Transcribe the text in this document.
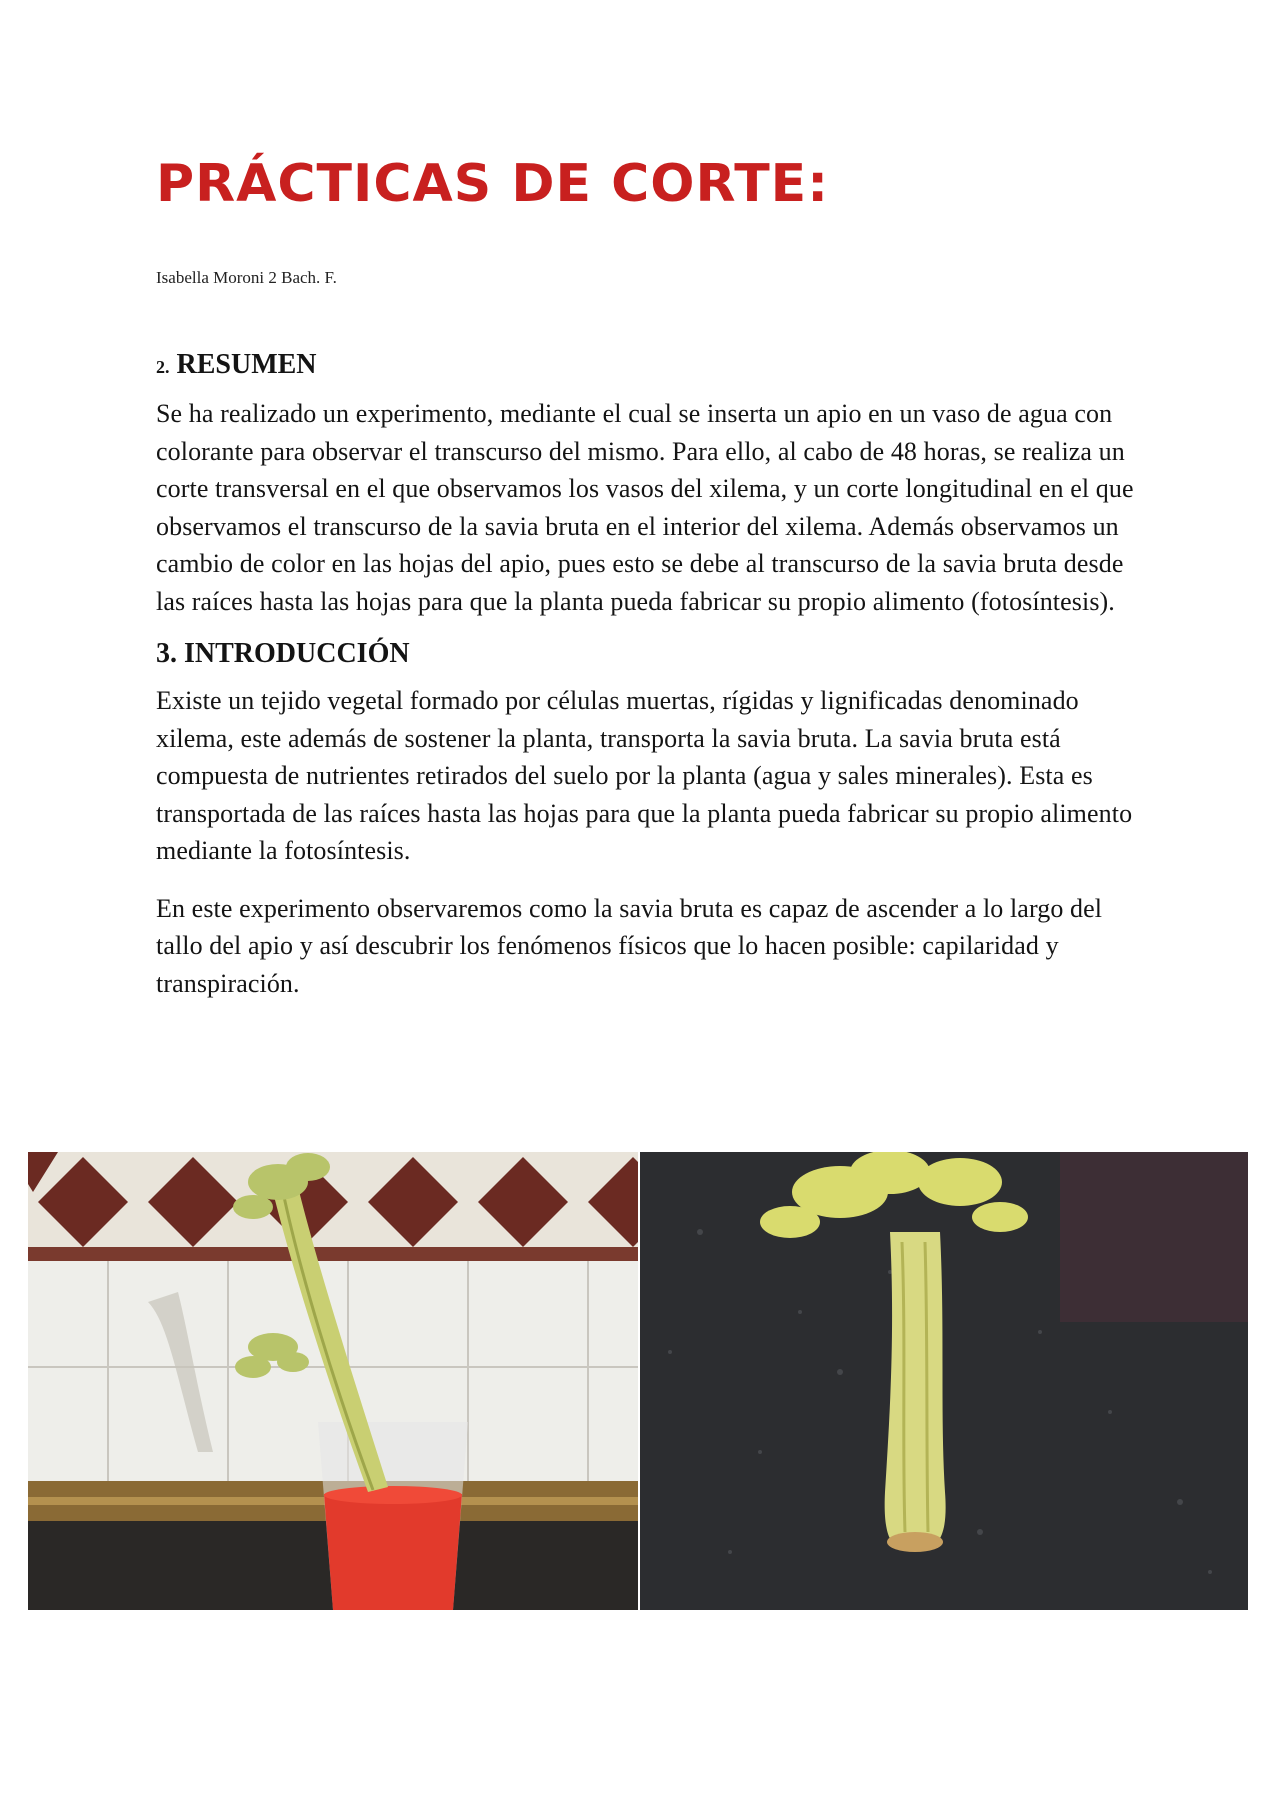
PRÁCTICAS DE CORTE:
Isabella Moroni 2 Bach. F.
2. RESUMEN

Se ha realizado un experimento, mediante el cual se inserta un apio en un vaso de agua con colorante para observar el transcurso del mismo. Para ello, al cabo de 48 horas, se realiza un corte transversal en el que observamos los vasos del xilema, y un corte longitudinal en el que observamos el transcurso de la savia bruta en el interior del xilema. Además observamos un cambio de color en las hojas del apio, pues esto se debe al transcurso de la savia bruta desde las raíces hasta las hojas para que la planta pueda fabricar su propio alimento (fotosíntesis).

3. INTRODUCCIÓN

Existe un tejido vegetal formado por células muertas, rígidas y lignificadas denominado xilema, este además de sostener la planta, transporta la savia bruta. La savia bruta está compuesta de nutrientes retirados del suelo por la planta (agua y sales minerales). Esta es transportada de las raíces hasta las hojas para que la planta pueda fabricar su propio alimento mediante la fotosíntesis.

En este experimento observaremos como la savia bruta es capaz de ascender a lo largo del tallo del apio y así descubrir los fenómenos físicos que lo hacen posible: capilaridad y transpiración.
